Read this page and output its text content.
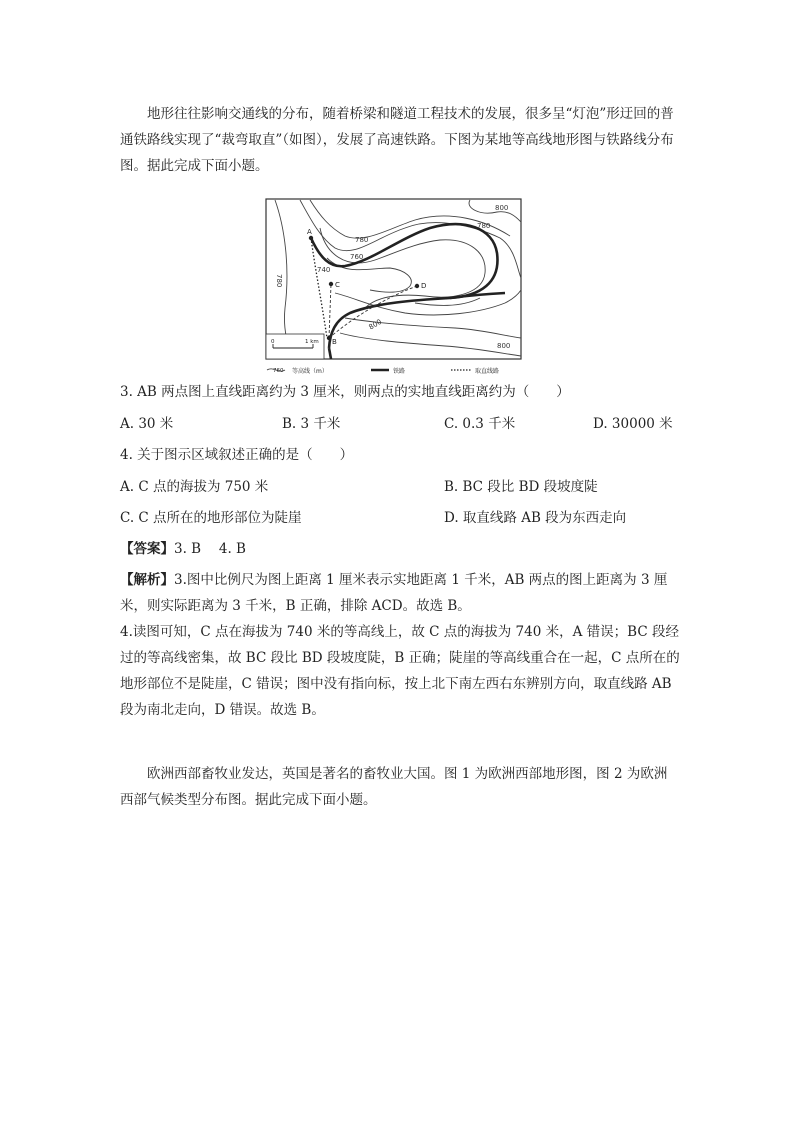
地形往往影响交通线的分布，随着桥梁和隧道工程技术的发展，很多呈“灯泡”形迂回的普通铁路线实现了“裁弯取直”（如图），发展了高速铁路。下图为某地等高线地形图与铁路线分布图。据此完成下面小题。

A
C	D
B
800
780
780
760
740
780
800
800
0	1 km
760 等高线（m）	铁路	取直线路
3. AB 两点图上直线距离约为 3 厘米，则两点的实地直线距离约为（　　）
A. 30 米	B. 3 千米	C. 0.3 千米	D. 30000 米
4. 关于图示区域叙述正确的是（　　）
A. C 点的海拔为 750 米	B. BC 段比 BD 段坡度陡
C. C 点所在的地形部位为陡崖	D. 取直线路 AB 段为东西走向
【答案】3. B　 4. B

【解析】3.图中比例尺为图上距离 1 厘米表示实地距离 1 千米，AB 两点的图上距离为 3 厘米，则实际距离为 3 千米，B 正确，排除 ACD。故选 B。

4.读图可知，C 点在海拔为 740 米的等高线上，故 C 点的海拔为 740 米，A 错误；BC 段经过的等高线密集，故 BC 段比 BD 段坡度陡，B 正确；陡崖的等高线重合在一起，C 点所在的地形部位不是陡崖，C 错误；图中没有指向标，按上北下南左西右东辨别方向，取直线路 AB 段为南北走向，D 错误。故选 B。

欧洲西部畜牧业发达，英国是著名的畜牧业大国。图 1 为欧洲西部地形图，图 2 为欧洲西部气候类型分布图。据此完成下面小题。
